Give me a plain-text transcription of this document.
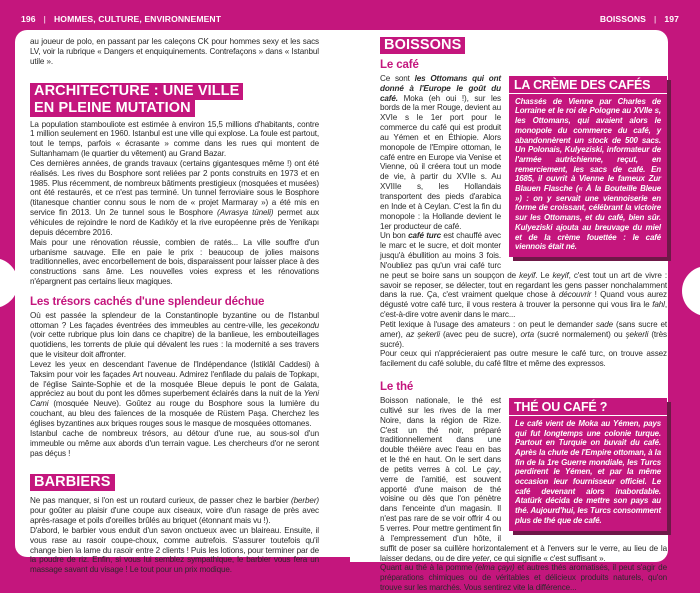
196 | HOMMES, CULTURE, ENVIRONNEMENT	BOISSONS | 197

au joueur de polo, en passant par les caleçons CK pour hommes sexy et les sacs LV, voir la rubrique « Dangers et enquiquinements. Contrefaçons » dans « Istanbul utile ».

ARCHITECTURE : UNE VILLE
EN PLEINE MUTATION

La population stambouliote est estimée à environ 15,5 millions d'habitants, contre 1 million seulement en 1960. Istanbul est une ville qui explose. La foule est partout, tout le temps, parfois « écrasante » comme dans les rues qui montent de Sultanhamam (le quartier du vêtement) au Grand Bazar.

Ces dernières années, de grands travaux (certains gigantesques même !) ont été réalisés. Les rives du Bosphore sont reliées par 2 ponts construits en 1973 et en 1985. Plus récemment, de nombreux bâtiments prestigieux (mosquées et musées) ont été restaurés, et ce n'est pas terminé. Un tunnel ferroviaire sous le Bosphore (titanesque chantier connu sous le nom de « projet Marmaray ») a été mis en service fin 2013. Un 2e tunnel sous le Bosphore (Avrasya tüneli) permet aux véhicules de rejoindre le nord de Kadıköy et la rive européenne près de Yenikapı depuis décembre 2016.

Mais pour une rénovation réussie, combien de ratés... La ville souffre d'un urbanisme sauvage. Elle en paie le prix : beaucoup de jolies maisons traditionnelles, avec encorbellement de bois, disparaissent pour laisser place à des constructions sans âme. Les nouvelles voies express et les rénovations n'épargnent pas certains lieux magiques.

Les trésors cachés d'une splendeur déchue

Où est passée la splendeur de la Constantinople byzantine ou de l'Istanbul ottoman ? Les façades éventrées des immeubles au centre-ville, les gecekondu (voir cette rubrique plus loin dans ce chapitre) de la banlieue, les embouteillages quotidiens, les torrents de pluie qui dévalent les rues : la modernité a ses travers que le visiteur doit affronter.

Levez les yeux en descendant l'avenue de l'Indépendance (İstiklâl Caddesi) à Taksim pour voir les façades Art nouveau. Admirez l'enfilade du palais de Topkapı, de l'église Sainte-Sophie et de la mosquée Bleue depuis le pont de Galata, appréciez au bout du pont les dômes superbement éclairés dans la nuit de la Yeni Cami (mosquée Neuve). Goûtez au rouge du Bosphore sous la lumière du couchant, au bleu des faïences de la mosquée de Rüstem Paşa. Cherchez les églises byzantines aux briques rouges sous le masque de mosquées ottomanes.

Istanbul cache de nombreux trésors, au détour d'une rue, au sous-sol d'un immeuble ou même aux abords d'un terrain vague. Les chercheurs d'or ne seront pas déçus !

BARBIERS

Ne pas manquer, si l'on est un routard curieux, de passer chez le barbier (berber) pour goûter au plaisir d'une coupe aux ciseaux, voire d'un rasage de près avec après-rasage et poils d'oreilles brûlés au briquet (étonnant mais vu !).

D'abord, le barbier vous enduit d'un savon onctueux avec un blaireau. Ensuite, il vous rase au rasoir coupe-choux, comme autrefois. S'assurer toutefois qu'il change bien la lame du rasoir entre 2 clients ! Puis les lotions, pour terminer par de la poudre de riz. Enfin, si vous lui semblez sympathique, le barbier vous fera un massage savant du visage ! Le tout pour un prix modique.

BOISSONS
Le café
LA CRÈME DES CAFÉS
Chassés de Vienne par Charles de Lorraine et le roi de Pologne au XVIIe s, les Ottomans, qui avaient alors le monopole du commerce du café, y abandonnèrent un stock de 500 sacs. Un Polonais, Kulyeziski, informateur de l'armée autrichienne, reçut, en remerciement, les sacs de café. En 1685, il ouvrit à Vienne le fameux Zur Blauen Flasche (« À la Bouteille Bleue ») : on y servait une viennoiserie en forme de croissant, célébrant la victoire sur les Ottomans, et du café, bien sûr. Kulyeziski ajouta au breuvage du miel et de la crème fouettée : le café viennois était né.

Ce sont les Ottomans qui ont donné à l'Europe le goût du café. Moka (eh oui !), sur les bords de la mer Rouge, devient au XVIe s le 1er port pour le commerce du café qui est produit au Yémen et en Éthiopie. Alors monopole de l'Empire ottoman, le café entre en Europe via Venise et Vienne, où il créera tout un mode de vie, à partir du XVIIe s. Au XVIIIe s, les Hollandais transportent des pieds d'arabica en Inde et à Ceylan. C'est la fin du monopole : la Hollande devient le 1er producteur de café.

Un bon café turc est chauffé avec le marc et le sucre, et doit monter jusqu'à ébullition au moins 3 fois. N'oubliez pas qu'un vrai café turc ne peut se boire sans un soupçon de keyif. Le keyif, c'est tout un art de vivre : savoir se reposer, se délecter, tout en regardant les gens passer nonchalamment dans la rue. Ça, c'est vraiment quelque chose à découvrir ! Quand vous aurez dégusté votre café turc, il vous restera à trouver la personne qui vous lira le fahl, c'est-à-dire votre avenir dans le marc...

Petit lexique à l'usage des amateurs : on peut le demander sade (sans sucre et amer), az şekerli (avec peu de sucre), orta (sucré normalement) ou şekerli (très sucré).

Pour ceux qui n'apprécieraient pas outre mesure le café turc, on trouve assez facilement du café soluble, du café filtre et même des expressos.

Le thé
THÉ OU CAFÉ ?
Le café vient de Moka au Yémen, pays qui fut longtemps une colonie turque. Partout en Turquie on buvait du café. Après la chute de l'Empire ottoman, à la fin de la 1re Guerre mondiale, les Turcs perdirent le Yémen, et par la même occasion leur fournisseur officiel. Le café devenant alors inabordable. Atatürk décida de mettre son pays au thé. Aujourd'hui, les Turcs consomment plus de thé que de café.

Boisson nationale, le thé est cultivé sur les rives de la mer Noire, dans la région de Rize. C'est un thé noir, préparé traditionnellement dans une double théière avec l'eau en bas et le thé en haut. On le sert dans de petits verres à col. Le çay, verre de l'amitié, est souvent apporté d'une maison de thé voisine ou dès que l'on pénètre dans l'enceinte d'un magasin. Il n'est pas rare de se voir offrir 4 ou 5 verres. Pour mettre gentiment fin à l'empressement d'un hôte, il suffit de poser sa cuillère horizontalement et à l'envers sur le verre, au lieu de la laisser dedans, ou de dire yeter, ce qui signifie « c'est suffisant ».

Quant au thé à la pomme (elma çayı) et autres thés aromatisés, il peut s'agir de préparations chimiques ou de véritables et délicieux produits naturels, qu'on trouve sur les marchés. Vous sentirez vite la différence...
